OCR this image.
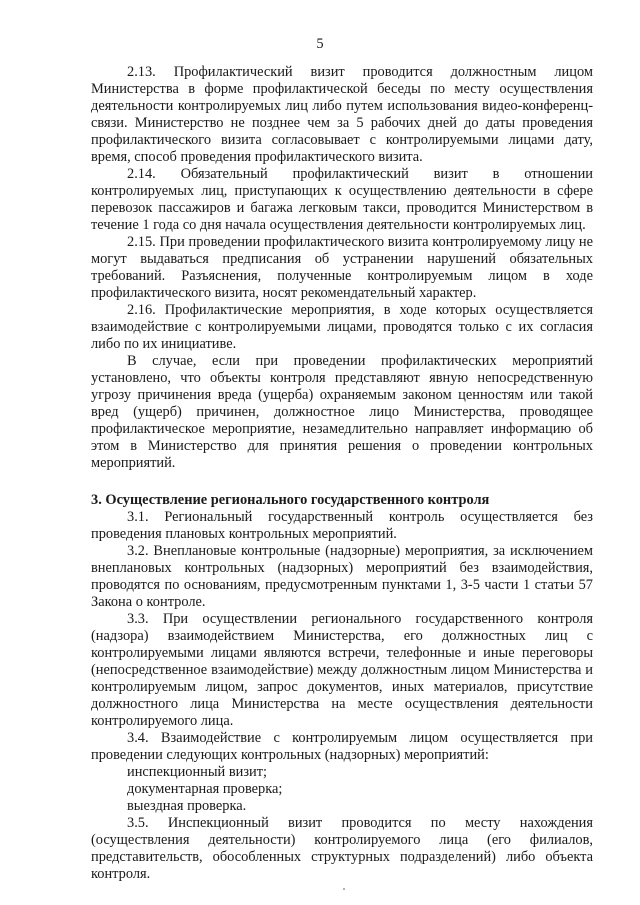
5

2.13. Профилактический визит проводится должностным лицом Министерства в форме профилактической беседы по месту осуществления деятельности контролируемых лиц либо путем использования видео-конференц-связи. Министерство не позднее чем за 5 рабочих дней до даты проведения профилактического визита согласовывает с контролируемыми лицами дату, время, способ проведения профилактического визита.

2.14. Обязательный профилактический визит в отношении контролируемых лиц, приступающих к осуществлению деятельности в сфере перевозок пассажиров и багажа легковым такси, проводится Министерством в течение 1 года со дня начала осуществления деятельности контролируемых лиц.

2.15. При проведении профилактического визита контролируемому лицу не могут выдаваться предписания об устранении нарушений обязательных требований. Разъяснения, полученные контролируемым лицом в ходе профилактического визита, носят рекомендательный характер.

2.16. Профилактические мероприятия, в ходе которых осуществляется взаимодействие с контролируемыми лицами, проводятся только с их согласия либо по их инициативе.

В случае, если при проведении профилактических мероприятий установлено, что объекты контроля представляют явную непосредственную угрозу причинения вреда (ущерба) охраняемым законом ценностям или такой вред (ущерб) причинен, должностное лицо Министерства, проводящее профилактическое мероприятие, незамедлительно направляет информацию об этом в Министерство для принятия решения о проведении контрольных мероприятий.

3. Осуществление регионального государственного контроля

3.1. Региональный государственный контроль осуществляется без проведения плановых контрольных мероприятий.

3.2. Внеплановые контрольные (надзорные) мероприятия, за исключением внеплановых контрольных (надзорных) мероприятий без взаимодействия, проводятся по основаниям, предусмотренным пунктами 1, 3-5 части 1 статьи 57 Закона о контроле.

3.3. При осуществлении регионального государственного контроля (надзора) взаимодействием Министерства, его должностных лиц с контролируемыми лицами являются встречи, телефонные и иные переговоры (непосредственное взаимодействие) между должностным лицом Министерства и контролируемым лицом, запрос документов, иных материалов, присутствие должностного лица Министерства на месте осуществления деятельности контролируемого лица.

3.4. Взаимодействие с контролируемым лицом осуществляется при проведении следующих контрольных (надзорных) мероприятий:

инспекционный визит;

документарная проверка;

выездная проверка.

3.5. Инспекционный визит проводится по месту нахождения (осуществления деятельности) контролируемого лица (его филиалов, представительств, обособленных структурных подразделений) либо объекта контроля.
